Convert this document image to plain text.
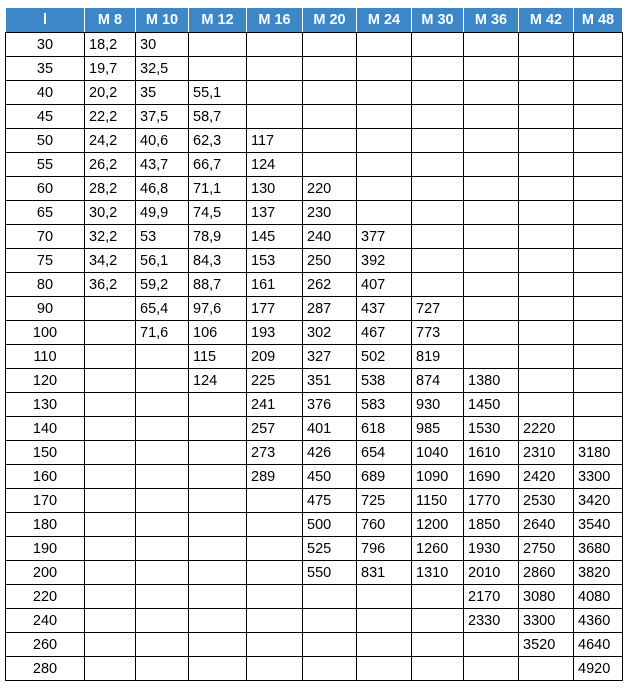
l	M 8	M 10	M 12	M 16	M 20	M 24	M 30	M 36	M 42	M 48
30	18,2	30								
35	19,7	32,5								
40	20,2	35	55,1							
45	22,2	37,5	58,7							
50	24,2	40,6	62,3	117						
55	26,2	43,7	66,7	124						
60	28,2	46,8	71,1	130	220					
65	30,2	49,9	74,5	137	230					
70	32,2	53	78,9	145	240	377				
75	34,2	56,1	84,3	153	250	392				
80	36,2	59,2	88,7	161	262	407				
90		65,4	97,6	177	287	437	727			
100		71,6	106	193	302	467	773			
110			115	209	327	502	819			
120			124	225	351	538	874	1380		
130				241	376	583	930	1450		
140				257	401	618	985	1530	2220	
150				273	426	654	1040	1610	2310	3180
160				289	450	689	1090	1690	2420	3300
170					475	725	1150	1770	2530	3420
180					500	760	1200	1850	2640	3540
190					525	796	1260	1930	2750	3680
200					550	831	1310	2010	2860	3820
220								2170	3080	4080
240								2330	3300	4360
260									3520	4640
280										4920
